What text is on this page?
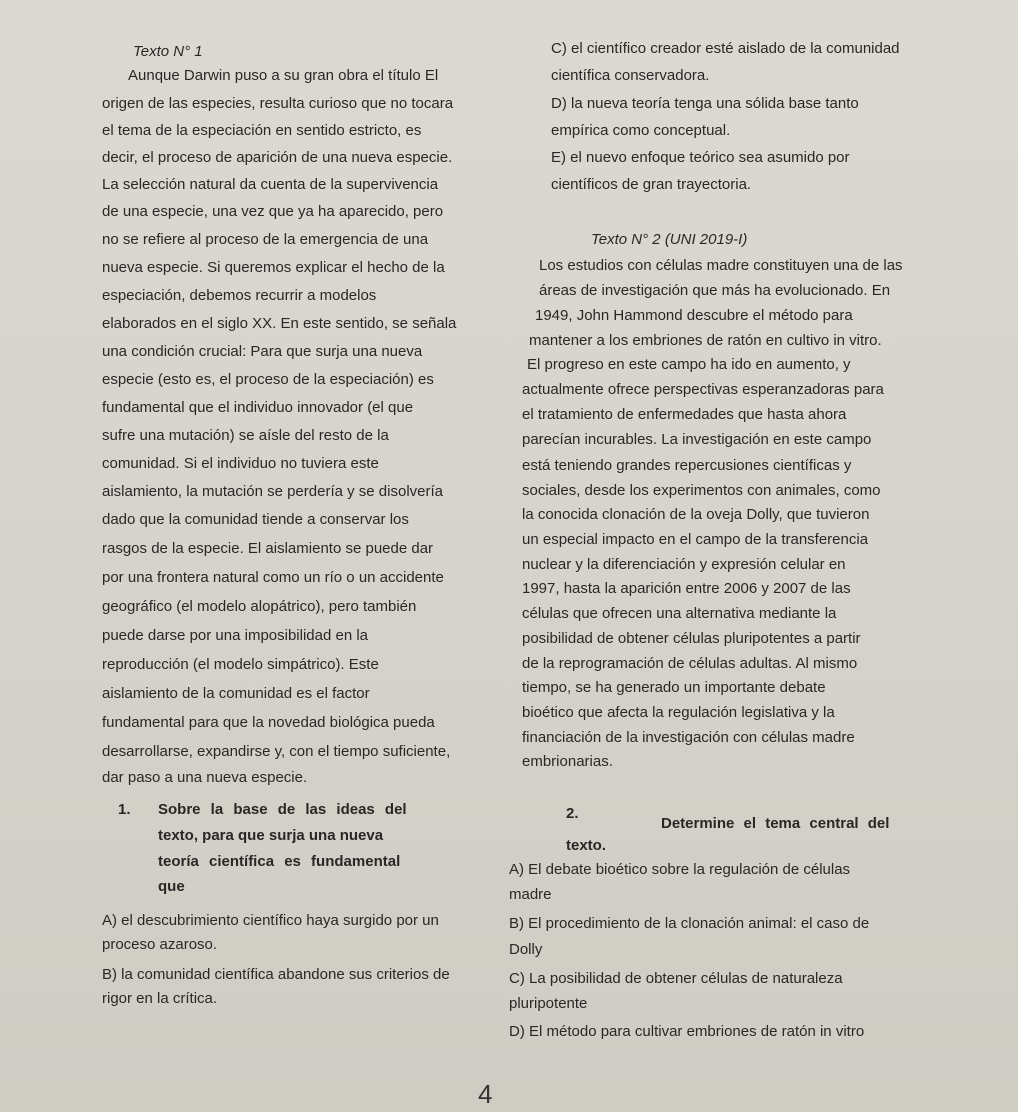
Texto N° 1
Aunque Darwin puso a su gran obra el título El
origen de las especies, resulta curioso que no tocara
el tema de la especiación en sentido estricto, es
decir, el proceso de aparición de una nueva especie.
La selección natural da cuenta de la supervivencia
de una especie, una vez que ya ha aparecido, pero
no se refiere al proceso de la emergencia de una
nueva especie. Si queremos explicar el hecho de la
especiación, debemos recurrir a modelos
elaborados en el siglo XX. En este sentido, se señala
una condición crucial: Para que surja una nueva
especie (esto es, el proceso de la especiación) es
fundamental que el individuo innovador (el que
sufre una mutación) se aísle del resto de la
comunidad. Si el individuo no tuviera este
aislamiento, la mutación se perdería y se disolvería
dado que la comunidad tiende a conservar los
rasgos de la especie. El aislamiento se puede dar
por una frontera natural como un río o un accidente
geográfico (el modelo alopátrico), pero también
puede darse por una imposibilidad en la
reproducción (el modelo simpátrico). Este
aislamiento de la comunidad es el factor
fundamental para que la novedad biológica pueda
desarrollarse, expandirse y, con el tiempo suficiente,
dar paso a una nueva especie.
1. Sobre la base de las ideas del
texto, para que surja una nueva
teoría científica es fundamental
que
A) el descubrimiento científico haya surgido por un
proceso azaroso.
B) la comunidad científica abandone sus criterios de
rigor en la crítica.
C) el científico creador esté aislado de la comunidad
científica conservadora.
D) la nueva teoría tenga una sólida base tanto
empírica como conceptual.
E) el nuevo enfoque teórico sea asumido por
científicos de gran trayectoria.
Texto N° 2 (UNI 2019-I)
Los estudios con células madre constituyen una de las
áreas de investigación que más ha evolucionado. En
1949, John Hammond descubre el método para
mantener a los embriones de ratón en cultivo in vitro.
El progreso en este campo ha ido en aumento, y
actualmente ofrece perspectivas esperanzadoras para
el tratamiento de enfermedades que hasta ahora
parecían incurables. La investigación en este campo
está teniendo grandes repercusiones científicas y
sociales, desde los experimentos con animales, como
la conocida clonación de la oveja Dolly, que tuvieron
un especial impacto en el campo de la transferencia
nuclear y la diferenciación y expresión celular en
1997, hasta la aparición entre 2006 y 2007 de las
células que ofrecen una alternativa mediante la
posibilidad de obtener células pluripotentes a partir
de la reprogramación de células adultas. Al mismo
tiempo, se ha generado un importante debate
bioético que afecta la regulación legislativa y la
financiación de la investigación con células madre
embrionarias.
2.
Determine el tema central del
texto.
A) El debate bioético sobre la regulación de células
madre
B) El procedimiento de la clonación animal: el caso de
Dolly
C) La posibilidad de obtener células de naturaleza
pluripotente
D) El método para cultivar embriones de ratón in vitro
4
